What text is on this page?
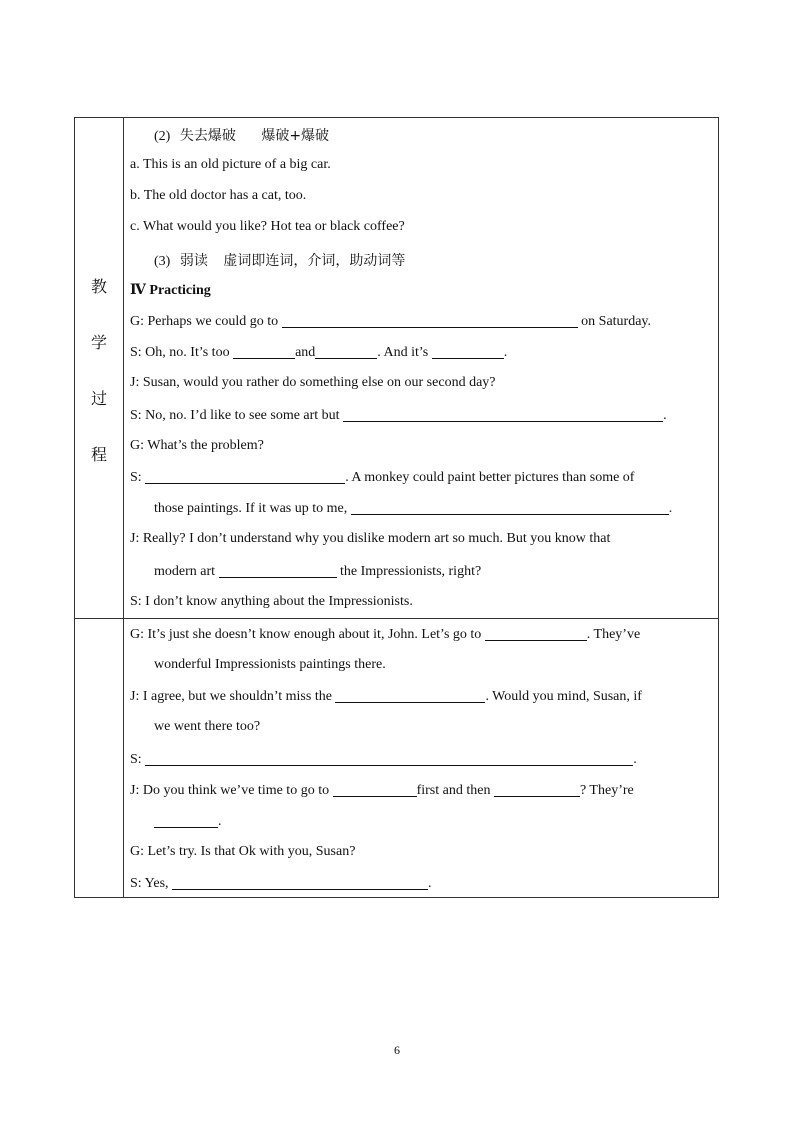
教
学
过
程
(2) 失去爆破 爆破+爆破
a. This is an old picture of a big car.
b. The old doctor has a cat, too.
c. What would you like? Hot tea or black coffee?
(3) 弱读 虚词即连词，介词，助动词等
Ⅳ Practicing
G: Perhaps we could go to	on Saturday.
S: Oh, no. It’s too	and	. And it’s	.
J: Susan, would you rather do something else on our second day?
S: No, no. I’d like to see some art but	.
G: What’s the problem?
S:	. A monkey could paint better pictures than some of
those paintings. If it was up to me,	.
J: Really? I don’t understand why you dislike modern art so much. But you know that
modern art	the Impressionists, right?
S: I don’t know anything about the Impressionists.
G: It’s just she doesn’t know enough about it, John. Let’s go to	. They’ve
wonderful Impressionists paintings there.
J: I agree, but we shouldn’t miss the	. Would you mind, Susan, if
we went there too?
S:	.
J: Do you think we’ve time to go to	first and then	? They’re
.
G: Let’s try. Is that Ok with you, Susan?
S: Yes,	.
6
